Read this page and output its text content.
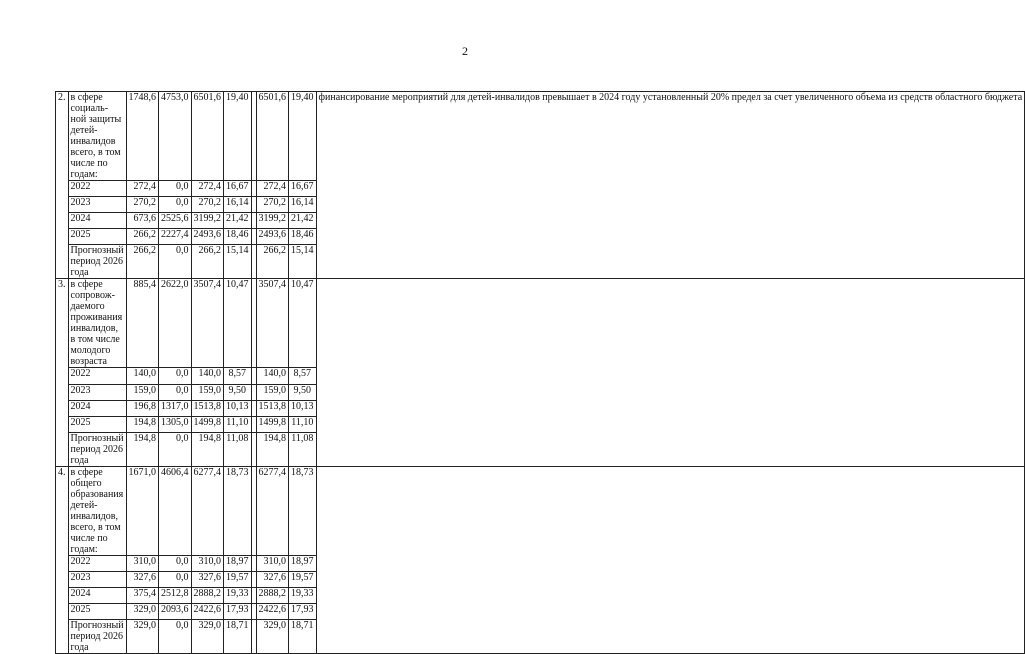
2
2.	в сфере социаль-ной защиты детей-инвалидов всего, в том числе по годам:	1748,6	4753,0	6501,6	19,40		6501,6	19,40	финансирование мероприятий для детей-инвалидов превышает в 2024 году установленный 20% предел за счет увеличенного объема из средств областного бюджета
	2022	272,4	0,0	272,4	16,67		272,4	16,67	
	2023	270,2	0,0	270,2	16,14		270,2	16,14	
	2024	673,6	2525,6	3199,2	21,42		3199,2	21,42	
	2025	266,2	2227,4	2493,6	18,46		2493,6	18,46	
	Прогнозный период 2026 года	266,2	0,0	266,2	15,14		266,2	15,14	
3.	в сфере сопровож-даемого проживания инвалидов, в том числе молодого возраста	885,4	2622,0	3507,4	10,47		3507,4	10,47	
	2022	140,0	0,0	140,0	8,57		140,0	8,57	
	2023	159,0	0,0	159,0	9,50		159,0	9,50	
	2024	196,8	1317,0	1513,8	10,13		1513,8	10,13	
	2025	194,8	1305,0	1499,8	11,10		1499,8	11,10	
	Прогнозный период 2026 года	194,8	0,0	194,8	11,08		194,8	11,08	
4.	в сфере общего образования детей-инвалидов, всего, в том числе по годам:	1671,0	4606,4	6277,4	18,73		6277,4	18,73	
	2022	310,0	0,0	310,0	18,97		310,0	18,97	
	2023	327,6	0,0	327,6	19,57		327,6	19,57	
	2024	375,4	2512,8	2888,2	19,33		2888,2	19,33	
	2025	329,0	2093,6	2422,6	17,93		2422,6	17,93	
	Прогнозный период 2026 года	329,0	0,0	329,0	18,71		329,0	18,71	
